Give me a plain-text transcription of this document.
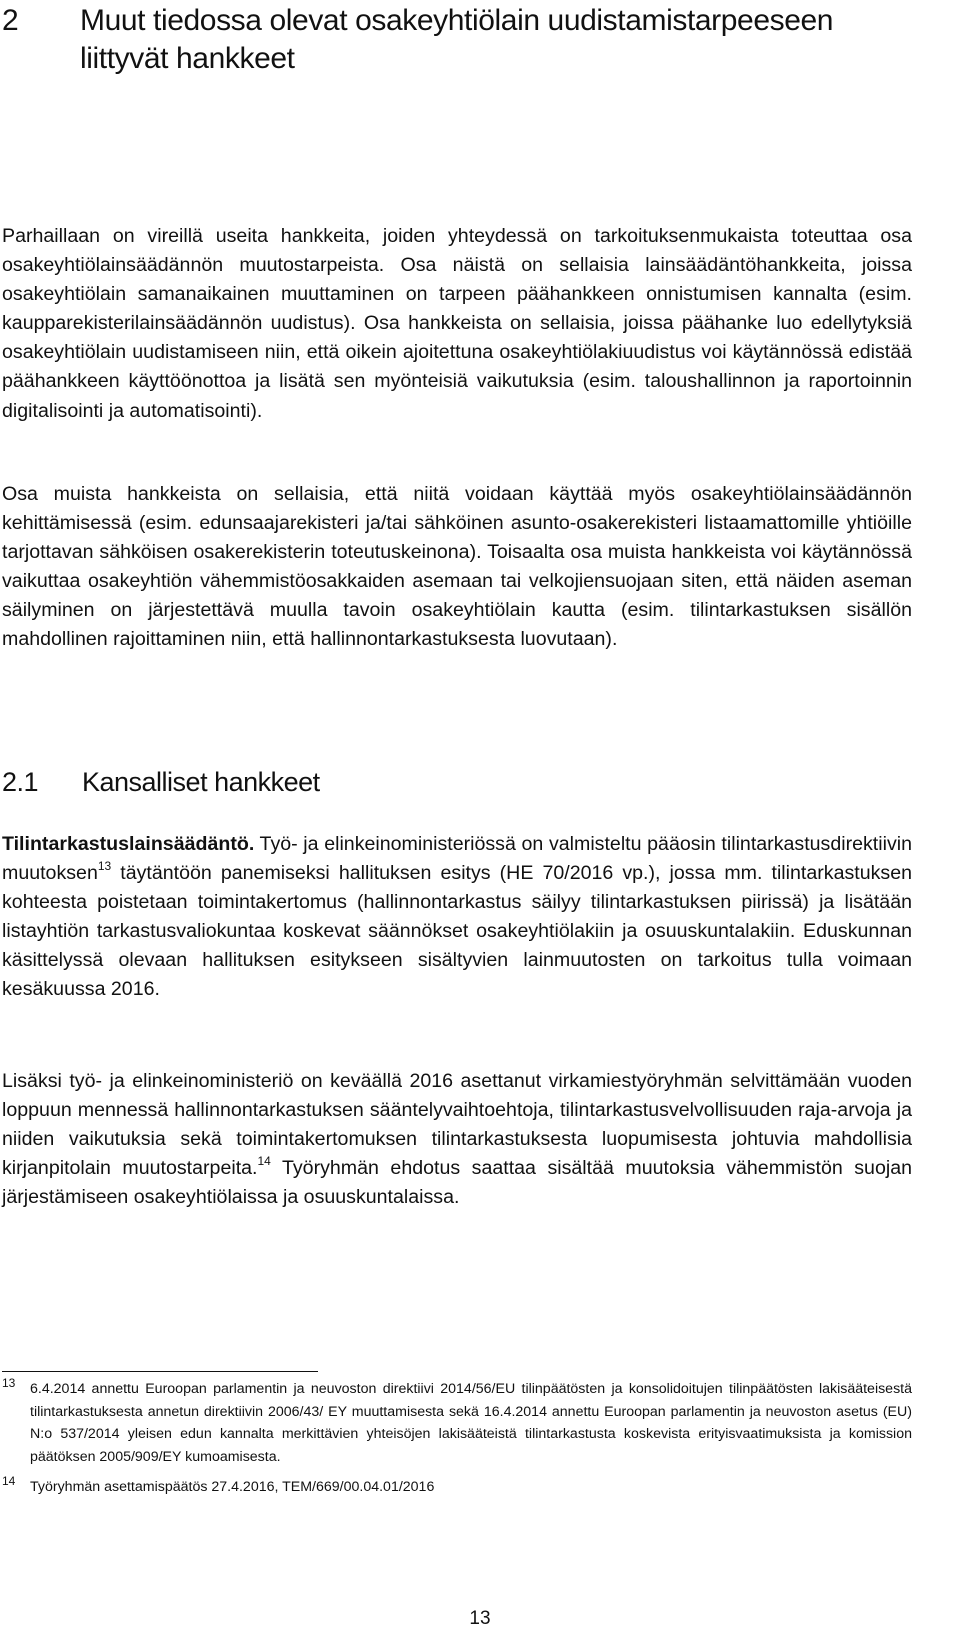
2 Muut tiedossa olevat osakeyhtiölain uudistamistarpeeseen liittyvät hankkeet

Parhaillaan on vireillä useita hankkeita, joiden yhteydessä on tarkoituksenmukaista toteuttaa osa osakeyhtiölainsäädännön muutostarpeista. Osa näistä on sellaisia lainsäädäntöhankkeita, joissa osakeyhtiölain samanaikainen muuttaminen on tarpeen päähankkeen onnistumisen kannalta (esim. kaupparekisterilainsäädännön uudistus). Osa hankkeista on sellaisia, joissa päähanke luo edellytyksiä osakeyhtiölain uudistamiseen niin, että oikein ajoitettuna osakeyhtiölakiuudistus voi käytännössä edistää päähankkeen käyttöönottoa ja lisätä sen myönteisiä vaikutuksia (esim. taloushallinnon ja raportoinnin digitalisointi ja automatisointi).

Osa muista hankkeista on sellaisia, että niitä voidaan käyttää myös osakeyhtiölainsäädännön kehittämisessä (esim. edunsaajarekisteri ja/tai sähköinen asunto-osakerekisteri listaamattomille yhtiöille tarjottavan sähköisen osakerekisterin toteutuskeinona). Toisaalta osa muista hankkeista voi käytännössä vaikuttaa osakeyhtiön vähemmistöosakkaiden asemaan tai velkojiensuojaan siten, että näiden aseman säilyminen on järjestettävä muulla tavoin osakeyhtiölain kautta (esim. tilintarkastuksen sisällön mahdollinen rajoittaminen niin, että hallinnontarkastuksesta luovutaan).

2.1 Kansalliset hankkeet

Tilintarkastuslainsäädäntö. Työ- ja elinkeinoministeriössä on valmisteltu pääosin tilintarkastusdirektiivin muutoksen$^{13}$ täytäntöön panemiseksi hallituksen esitys (HE 70/2016 vp.), jossa mm. tilintarkastuksen kohteesta poistetaan toimintakertomus (hallinnontarkastus säilyy tilintarkastuksen piirissä) ja lisätään listayhtiön tarkastusvaliokuntaa koskevat säännökset osakeyhtiölakiin ja osuuskuntalakiin. Eduskunnan käsittelyssä olevaan hallituksen esitykseen sisältyvien lainmuutosten on tarkoitus tulla voimaan kesäkuussa 2016.

Lisäksi työ- ja elinkeinoministeriö on keväällä 2016 asettanut virkamiestyöryhmän selvittämään vuoden loppuun mennessä hallinnontarkastuksen sääntelyvaihtoehtoja, tilintarkastusvelvollisuuden raja-arvoja ja niiden vaikutuksia sekä toimintakertomuksen tilintarkastuksesta luopumisesta johtuvia mahdollisia kirjanpitolain muutostarpeita.$^{14}$ Työryhmän ehdotus saattaa sisältää muutoksia vähemmistön suojan järjestämiseen osakeyhtiölaissa ja osuuskuntalaissa.

13 6.4.2014 annettu Euroopan parlamentin ja neuvoston direktiivi 2014/56/EU tilinpäätösten ja konsolidoitujen tilinpäätösten lakisääteisestä tilintarkastuksesta annetun direktiivin 2006/43/ EY muuttamisesta sekä 16.4.2014 annettu Euroopan parlamentin ja neuvoston asetus (EU) N:o 537/2014 yleisen edun kannalta merkittävien yhteisöjen lakisääteistä tilintarkastusta koskevista erityisvaatimuksista ja komission päätöksen 2005/909/EY kumoamisesta.
14 Työryhmän asettamispäätös 27.4.2016, TEM/669/00.04.01/2016
13
